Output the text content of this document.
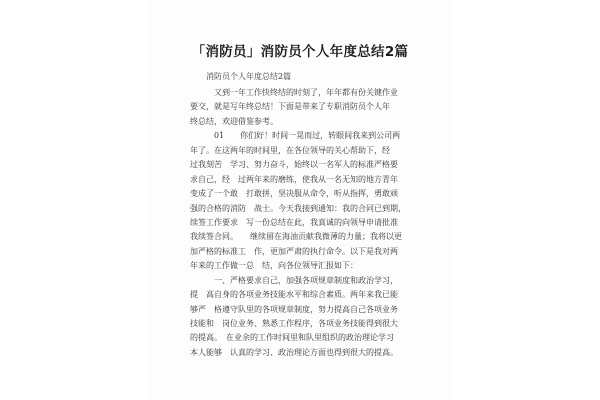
「消防员」消防员个人年度总结2篇
消防员个人年度总结2篇
又到一年工作快终结的时刻了，年年都有份关键作业
要交，就是写年终总结！下面是带来了专职消防员个人年
终总结，欢迎借鉴参考。
01　　你们好！时间一晃而过，转眼间我来到公司两
年了。在这两年的时间里，在各位领导的关心帮助下，经
过我刻苦　学习、努力奋斗，始终以一名军人的标准严格要
求自己，经　过两年来的磨练，使我从一名无知的地方青年
变成了一个敢　打敢拼，坚决服从命令，听从指挥，勇敢顽
强的合格的消防　战士。今天我接到通知：我的合同已到期，
续签工作要求　写一份总结在此，我真诚的向领导申请批准
我续签合同。　　继续留在海油贡献我微薄的力量；我将以更
加严格的标准工　作，更加严肃的执行命令。以下是我对两
年来的工作做一总　结，向各位领导汇报如下：
一、严格要求自己，加强各项规章制度和政治学习，
提　高自身的各项业务技能水平和综合素质。两年来我已能
够严　格遵守队里的各项规章制度，努力提高自己各项业务
技能和　岗位业务、熟悉工作程序，各项业务技能得到很大
的提高。　在业余的工作时间里和队里组织的政治理论学习
本人能够　认真的学习、政治理论方面也得到很大的提高。
